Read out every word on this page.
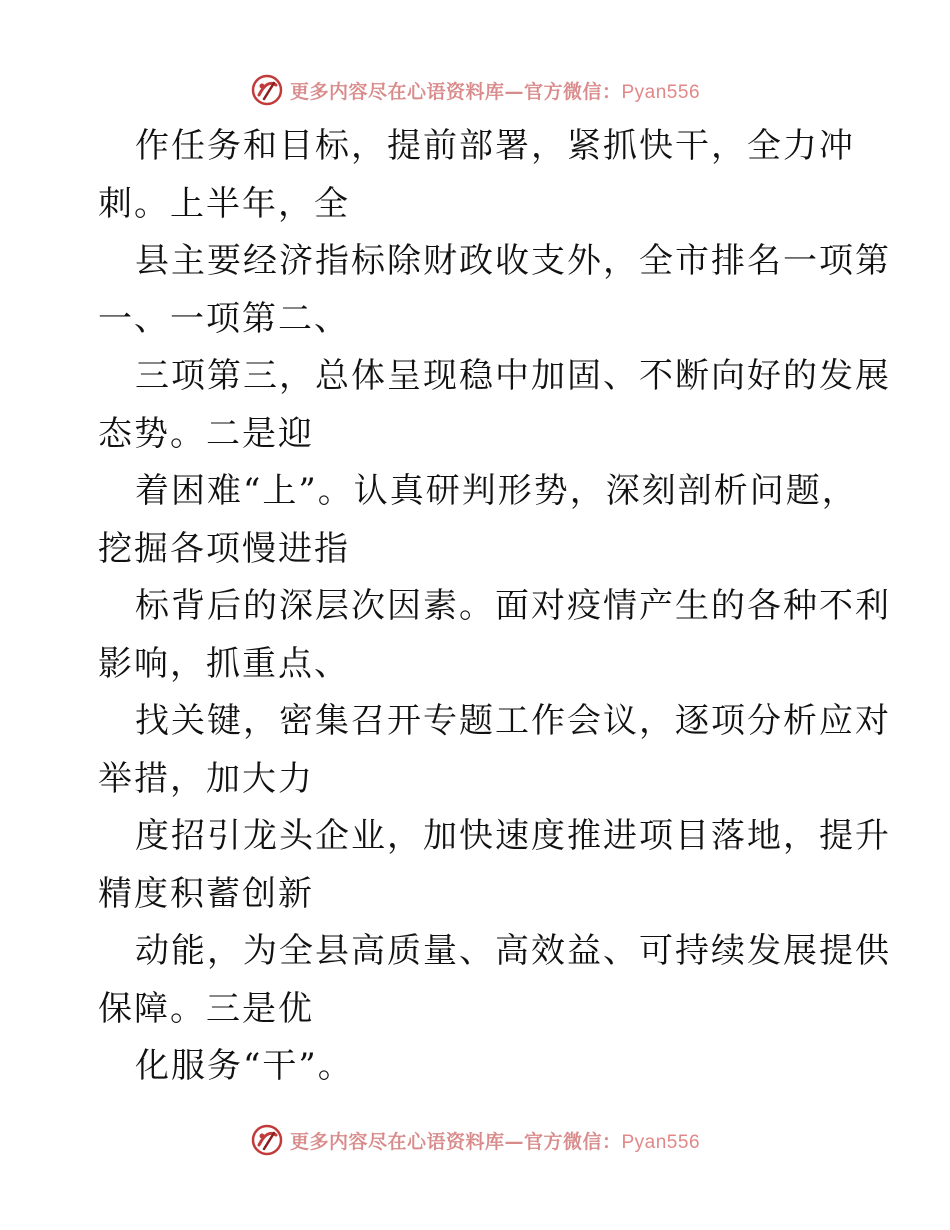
更多内容尽在心语资料库—官方微信：Pyan556
作任务和目标，提前部署，紧抓快干，全力冲
刺。上半年，全
县主要经济指标除财政收支外，全市排名一项第
一、一项第二、
三项第三，总体呈现稳中加固、不断向好的发展
态势。二是迎
着困难“上”。认真研判形势，深刻剖析问题，
挖掘各项慢进指
标背后的深层次因素。面对疫情产生的各种不利
影响，抓重点、
找关键，密集召开专题工作会议，逐项分析应对
举措，加大力
度招引龙头企业，加快速度推进项目落地，提升
精度积蓄创新
动能，为全县高质量、高效益、可持续发展提供
保障。三是优
化服务“干”。
更多内容尽在心语资料库—官方微信：Pyan556
